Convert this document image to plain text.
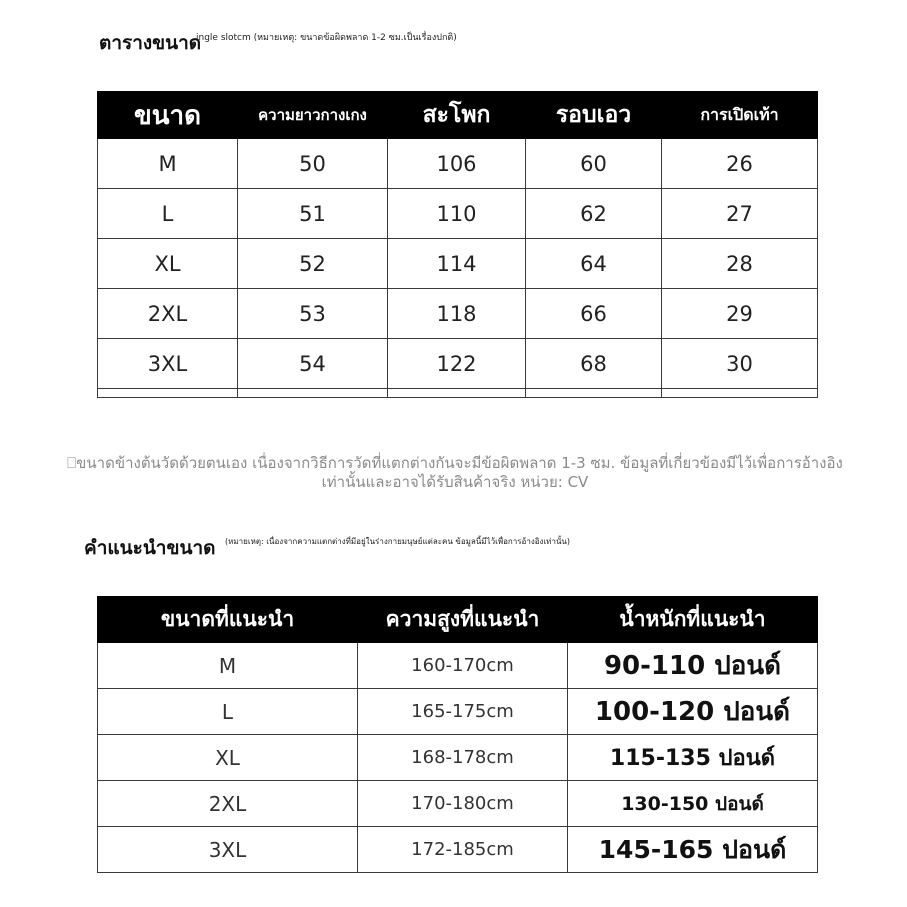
ตารางขนาด
ingle slotcm (หมายเหตุ: ขนาดข้อผิดพลาด 1-2 ซม.เป็นเรื่องปกติ)
ขนาด	ความยาวกางเกง	สะโพก	รอบเอว	การเปิดเท้า
M	50	106	60	26
L	51	110	62	27
XL	52	114	64	28
2XL	53	118	66	29
3XL	54	122	68	30

⎕ขนาดข้างต้นวัดด้วยตนเอง เนื่องจากวิธีการวัดที่แตกต่างกันจะมีข้อผิดพลาด 1-3 ซม. ข้อมูลที่เกี่ยวข้องมีไว้เพื่อการอ้างอิงเท่านั้นและอาจได้รับสินค้าจริง หน่วย: CV
คำแนะนำขนาด (หมายเหตุ: เนื่องจากความแตกต่างที่มีอยู่ในร่างกายมนุษย์แต่ละคน ข้อมูลนี้มีไว้เพื่อการอ้างอิงเท่านั้น)
ขนาดที่แนะนำ	ความสูงที่แนะนำ	น้ำหนักที่แนะนำ
M	160-170cm	90-110 ปอนด์
L	165-175cm	100-120 ปอนด์
XL	168-178cm	115-135 ปอนด์
2XL	170-180cm	130-150 ปอนด์
3XL	172-185cm	145-165 ปอนด์
